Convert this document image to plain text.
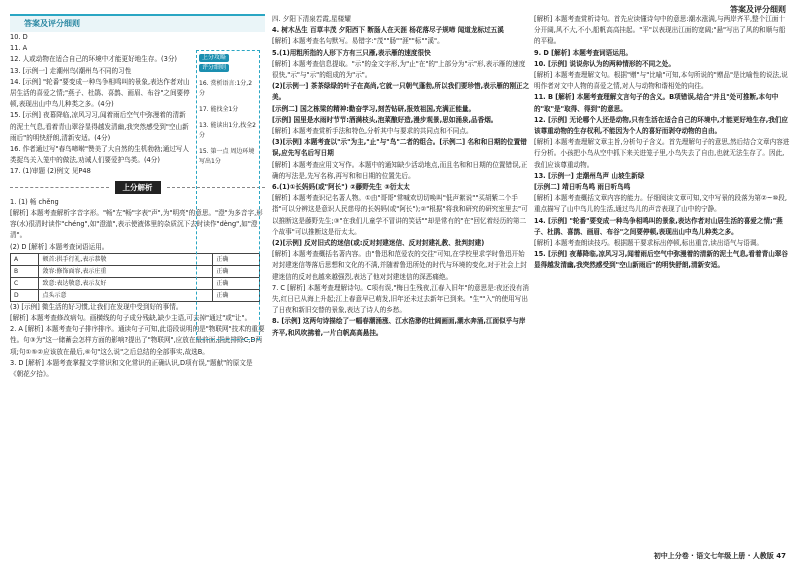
答案及评分细则
答案及评分细则

10. D

11. A

12. 人或动物在适合自己的环境中才能更好地生存。(3分)

13. [示例一] 走潮州鸟(潮州鸟不同的习性

14. [示例] "轮番"要变成一种鸟争相鸣叫的景象,表达作者对山居生活的喜爱之情;"燕子、杜鹃、喜鹊、画眉、布谷"之间要停顿,表现出山中鸟儿种类之多。(4分)

15. [示例] 夜幕降临,凉风习习,闻着雨后空气中弥漫着的清新的泥土气息,看着青山翠谷显得越发清幽,我突然感受到"空山新雨后"的明快舒朗,清新安适。(4分)

16. 作者通过写"春鸟啼啭"赞美了大自然的生机勃勃;通过写人类捉鸟关入笼中的做法,劝诫人们要爱护鸟类。(4分)

17. (1)审题 (2)例文 见P48

上分解析

1. (1) 畅 chěng

[解析] 本题考查解析字音字形。"畅"左"畅"字表"声",为"明亮"的意思。"澄"为多音字,形容(水)很清时读作"chéng",如"澄澈",表示使液体里的杂质沉下去时读作"dèng",如"澄清"。

(2) D [解析] 本题考查词语运用。

A	顿首:拱手行礼,表示恭敬	正确
B	敛容:修饰面容,表示庄重	正确
C	致意:表达敬意,表示友好	正确
D	点头示意	正确

(3) [示例] 微生活的好习惯,让我们在发现中受到好的事情。

[解析] 本题考查修改病句。画横线的句子成分残缺,缺少主语,可去掉"通过"或"让"。

2. A [解析] 本题考查句子排序排序。通读句子可知,此语段说明的是"物联网"技术的重要性。句③为"这一储蓄会怎样方面的影响?提出了"物联网",应放在最前面,据此排除C,D两项;句①⑤②应该放在最后,⑥句"这么说"之后总结的全部事实,故选B。

3. D [解析] 本题考查掌握文学常识和文化常识的正确认识,D项有误,"题献"的原文是《朝花夕拾》。

上分攻略 评分细则

16. 赏析语言:1分,2分

17. 能找全1分

13. 能读出1分,找全2分

15. 第一点 周边环境写出1分

四. 夕阳下清泉若霞,星楼耀

4. 树木丛生 百草丰茂 夕阳西下 断肠人在天涯 杨花落尽子规啼 闻道龙标过五溪

[解析] 本题考查名句默写。易错字:"茂""肠""涯""标""溪"。

5.(1)用粗所指的人形下方有三只雁,表示雁的速度很快

[解析] 本题考查信息提取。"示"的金文字形,为"止"在"的"上部分为"示"形,表示雁的速度很快,"示"与"示"的组成的为"示"。

(2)[示例一] 茶茶绿绿的叶子在高尚,它就一只朝气蓬勃,所以我们要珍惜,表示雁的刚正之美。

[示例二] 国之栋梁的精神:勤奋学习,刻苦钻研,报效祖国,充满正能量。

[示例] 国里是水雨时节节:酒满枝头,泡菜酿好造,漫步观景,思如涌泉,品香烟。

[解析] 本题考查赏析手法和特色,分析其中与要求的共同点和不同点。

(3)[示例] 本题考查以"示"为主,"止"与"鸟"二者的组合。[示例二] 名和和日期的位置错误,应先写名后写日期

[解析] 本题考查应用文写作。本题中的通知缺少活动地点,而且名和和日期的位置错误,正确的写法是,先写名称,再写和和日期的位置先后。

6.(1)①长妈妈(或"阿长") ②藤野先生 ③衍太太

[解析] 本题考查识记名著人物。①由"哥哥"常喊欢切切唤叫"低声絮说""买胡紫二个手指"可以分辨这是意识人民慈母的长妈妈(或"阿长");②"根据"将我和研究的研究室里去"可以推断这是藤野先生;③"在我们儿童学不冒讲的笑话""却是常有的"在"回忆着经历的第二个故事"可以推断这是衍太太。

(2)[示例] 反对旧式的迷信(或:反对封建迷信、反对封建礼教、批判封建)

[解析] 本题考查概括名著内容。由"鲁迅和范爱农的交往"可知,在学校里求学时鲁迅开始对封建迷信等落后思想和文化的不满,并随着鲁迅所处的时代与环境的变化,对于社会上封建迷信的反对也越来越强烈,表达了他对封建迷信的深恶痛绝。

7. C [解析] 本题考查理解诗句。C项有误,"梅日生残夜,江春入旧年"的意思是:夜还没有消失,红日已从海上升起;江上春意早已萌发,旧年还未过去新年已到来。"生""入"的使用写出了日夜和新旧交替的景象,表达了诗人的乡愁。

8. [示例] 这两句诗描绘了一幅春潮涌涨、江水浩渺的壮阔画面,潮水奔涌,江面似乎与岸齐平,和风吹拂着,一片白帆高高悬挂。

[解析] 本题考查赏析诗句。首先应读懂诗句中的意思:潮水涨满,与两岸齐平,整个江面十分开阔,风不大,不小,船帆高高挂起。"平"以表现出江面的宽阔;"悬"写出了风的和顺与船的平稳。

9. D [解析] 本题考查词语运用。

10. [示例] 说说你认为的两种情形的不同之处。

[解析] 本题考查理解文句。根据"赠"与"比喻"可知,本句所说的"赠品"是比喻性的说法,说明作者对文中人物的喜爱之情,对人与动物和谐相处的向往。

11. B [解析] 本题考查理解文言句子的含义。B项错误,结合"并且"处可推断,本句中的"取"是"取得、得到"的意思。

12. [示例] 无论哪个人还是动物,只有生活在适合自己的环境中,才能更好地生存,我们应该尊重动物的生存权利,不能因为个人的喜好而剥夺动物的自由。

[解析] 本题考查理解文章主旨,分析句子含义。首先理解句子的意思,然后结合文章内容进行分析。小孩把小鸟从空中抓下来关进笼子里,小鸟失去了自由,也就无法生存了。因此,我们应该尊重动物。

13. [示例一] 走潮州鸟声 山坡生新绿

[示例二] 靖日听鸟鸣 雨日听鸟鸣

[解析] 本题考查概括文章内容的能力。仔细阅读文章可知,文中写景的段落为第②~⑩段,重点描写了山中鸟儿的生活,通过鸟儿的声音表现了山中的宁静。

14. [示例] "轮番"要变成一种鸟争相鸣叫的景象,表达作者对山居生活的喜爱之情;"燕子、杜鹃、喜鹊、画眉、布谷"之间要停顿,表现出山中鸟儿种类之多。

[解析] 本题考查朗读技巧。根据题干要求标出停顿,标出重音,读出语气与语调。

15. [示例] 夜幕降临,凉风习习,闻着雨后空气中弥漫着的清新的泥土气息,看着青山翠谷显得越发清幽,我突然感受到"空山新雨后"的明快舒朗,清新安适。

初中上分卷 · 语文七年级上册 · 人教版 47
